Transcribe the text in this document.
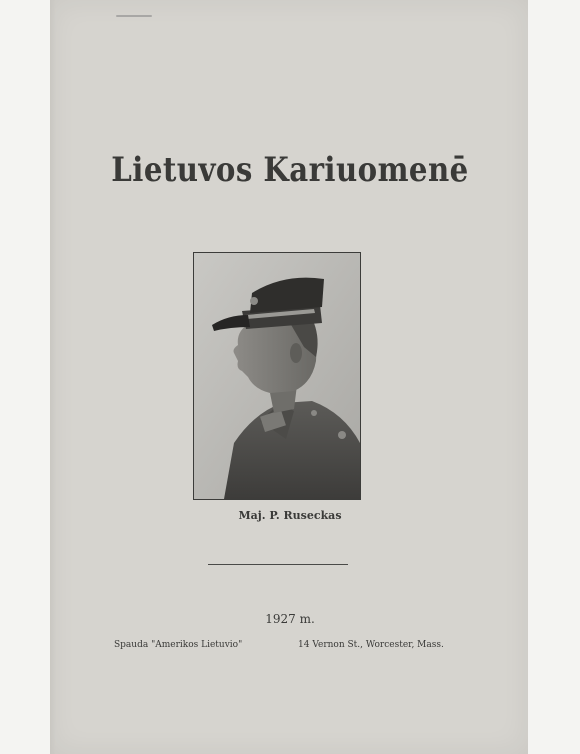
Lietuvos Kariuomenē
Maj. P. Ruseckas
1927 m.
Spauda "Amerikos Lietuvio"	14 Vernon St., Worcester, Mass.
